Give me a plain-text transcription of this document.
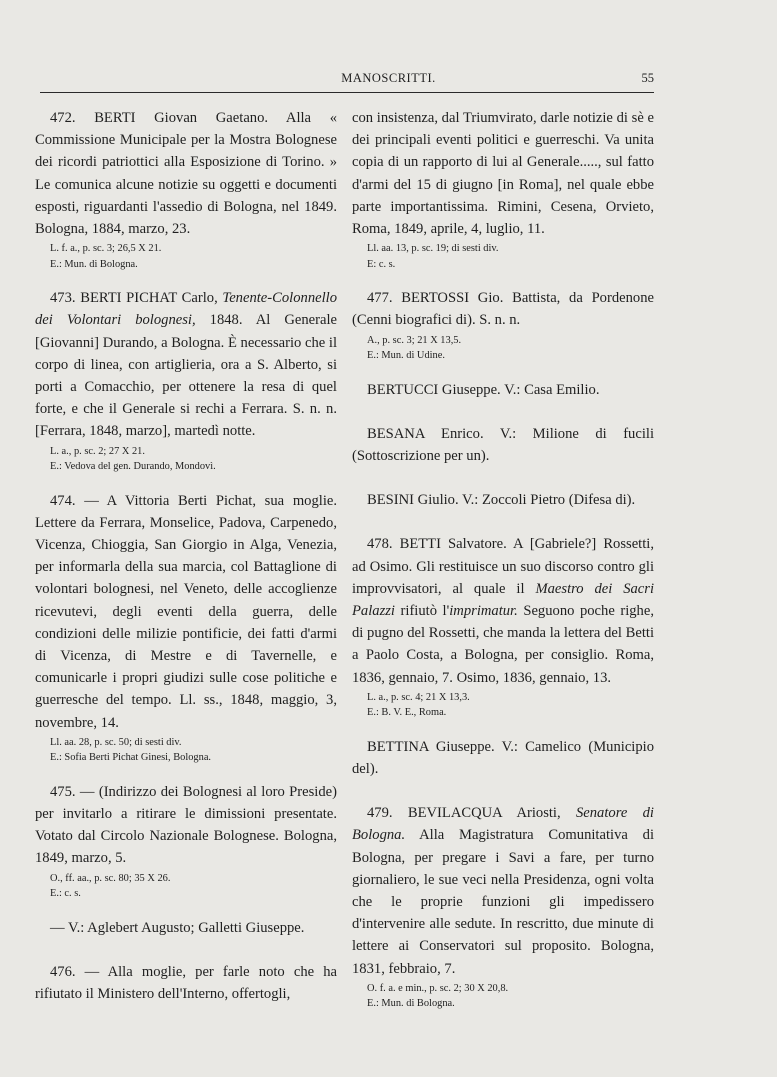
MANOSCRITTI.	55
472. BERTI Giovan Gaetano. Alla « Commissione Municipale per la Mostra Bolognese dei ricordi patriottici alla Esposizione di Torino. » Le comunica alcune notizie su oggetti e documenti esposti, riguardanti l'assedio di Bologna, nel 1849. Bologna, 1884, marzo, 23.
L. f. a., p. sc. 3; 26,5 X 21.
E.: Mun. di Bologna.
473. BERTI PICHAT Carlo, Tenente-Colonnello dei Volontari bolognesi, 1848. Al Generale [Giovanni] Durando, a Bologna. È necessario che il corpo di linea, con artiglieria, ora a S. Alberto, si porti a Comacchio, per ottenere la resa di quel forte, e che il Generale si rechi a Ferrara. S. n. n. [Ferrara, 1848, marzo], martedì notte.
L. a., p. sc. 2; 27 X 21.
E.: Vedova del gen. Durando, Mondovì.
474. — A Vittoria Berti Pichat, sua moglie. Lettere da Ferrara, Monselice, Padova, Carpenedo, Vicenza, Chioggia, San Giorgio in Alga, Venezia, per informarla della sua marcia, col Battaglione di volontari bolognesi, nel Veneto, delle accoglienze ricevutevi, degli eventi della guerra, delle condizioni delle milizie pontificie, dei fatti d'armi di Vicenza, di Mestre e di Tavernelle, e comunicarle i propri giudizi sulle cose politiche e guerresche del tempo. Ll. ss., 1848, maggio, 3, novembre, 14.
Ll. aa. 28, p. sc. 50; di sesti div.
E.: Sofia Berti Pichat Ginesi, Bologna.
475. — (Indirizzo dei Bolognesi al loro Preside) per invitarlo a ritirare le dimissioni presentate. Votato dal Circolo Nazionale Bolognese. Bologna, 1849, marzo, 5.
O., ff. aa., p. sc. 80; 35 X 26.
E.: c. s.
— V.: Aglebert Augusto; Galletti Giuseppe.
476. — Alla moglie, per farle noto che ha rifiutato il Ministero dell'Interno, offertogli,
con insistenza, dal Triumvirato, darle notizie di sè e dei principali eventi politici e guerreschi. Va unita copia di un rapporto di lui al Generale....., sul fatto d'armi del 15 di giugno [in Roma], nel quale ebbe parte importantissima. Rimini, Cesena, Orvieto, Roma, 1849, aprile, 4, luglio, 11.
Ll. aa. 13, p. sc. 19; di sesti div.
E: c. s.
477. BERTOSSI Gio. Battista, da Pordenone (Cenni biografici di). S. n. n.
A., p. sc. 3; 21 X 13,5.
E.: Mun. di Udine.
BERTUCCI Giuseppe. V.: Casa Emilio.
BESANA Enrico. V.: Milione di fucili (Sottoscrizione per un).
BESINI Giulio. V.: Zoccoli Pietro (Difesa di).
478. BETTI Salvatore. A [Gabriele?] Rossetti, ad Osimo. Gli restituisce un suo discorso contro gli improvvisatori, al quale il Maestro dei Sacri Palazzi rifiutò l'imprimatur. Seguono poche righe, di pugno del Rossetti, che manda la lettera del Betti a Paolo Costa, a Bologna, per consiglio. Roma, 1836, gennaio, 7. Osimo, 1836, gennaio, 13.
L. a., p. sc. 4; 21 X 13,3.
E.: B. V. E., Roma.
BETTINA Giuseppe. V.: Camelico (Municipio del).
479. BEVILACQUA Ariosti, Senatore di Bologna. Alla Magistratura Comunitativa di Bologna, per pregare i Savi a fare, per turno giornaliero, le sue veci nella Presidenza, ogni volta che le proprie funzioni gli impedissero d'intervenire alle sedute. In rescritto, due minute di lettere ai Conservatori sul proposito. Bologna, 1831, febbraio, 7.
O. f. a. e min., p. sc. 2; 30 X 20,8.
E.: Mun. di Bologna.
